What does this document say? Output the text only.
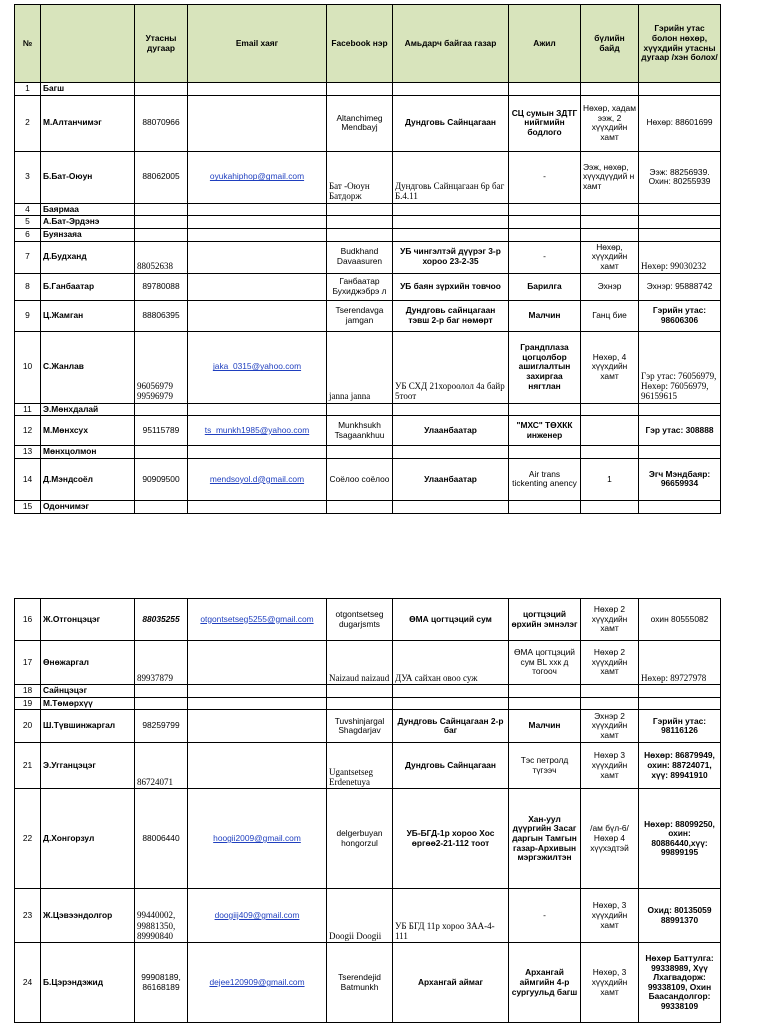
№		Утасны дугаар	Email хаяг	Facebook нэр	Амьдарч байгаа газар	Ажил	бүлийн байд	Гэрийн утас болон нөхөр, хүүхдийн утасны дугаар /хэн болох/
1	Багш							
2	М.Алтанчимэг	88070966		Altanchimeg Mendbayj	Дундговь Сайнцагаан	СЦ сумын ЗДТГ нийгмийн бодлого	Нөхөр, хадам ээж, 2 хүүхдийн хамт	Нөхөр: 88601699
3	Б.Бат-Оюун	88062005	oyukahiphop@gmail.com	Бат -Оюун Батдорж	Дундговь Сайнцагаан 6р баг Б.4.11	-	Ээж, нөхөр, хүүхдүүдий н хамт	Ээж: 88256939. Охин: 80255939
4	Баярмаа							
5	А.Бат-Эрдэнэ							
6	Буянзаяа							
7	Д.Будханд	88052638		Budkhand Davaasuren	УБ чингэлтэй дүүрэг 3-р хороо 23-2-35	-	Нөхөр, хүүхдийн хамт	Нөхөр: 99030232
8	Б.Ганбаатар	89780088		Ганбаатар Бухиджэбрэ л	УБ баян зүрхийн товчоо	Барилга	Эхнэр	Эхнэр: 95888742
9	Ц.Жамган	88806395		Tserendavga jamgan	Дундговь сайнцагаан тэвш 2-р баг нөмөрт	Малчин	Ганц бие	Гэрийн утас: 98606306
10	С.Жанлав	96056979 99596979	jaka_0315@yahoo.com	janna janna	УБ СХД 21хороолол 4а байр 5тоот	Грандплаза цогцолбор ашиглалтын захиргаа нягтлан	Нөхөр, 4 хүүхдийн хамт	Гэр утас: 76056979, Нөхөр: 76056979, 96159615
11	Э.Мөнхдалай							
12	М.Мөнхсух	95115789	ts_munkh1985@yahoo.com	Munkhsukh Tsagaankhuu	Улаанбаатар	"МХС" ТӨХКК инженер		Гэр утас: 308888
13	Мөнхцолмон							
14	Д.Мэндсоёл	90909500	mendsoyol.d@gmail.com	Соёлоо соёлоо	Улаанбаатар	Air trans tickenting anency	1	Эгч Мэндбаяр: 96659934
15	Одончимэг							
16	Ж.Отгонцэцэг	88035255	otgontsetseg5255@gmail.com	otgontsetseg dugarjsmts	ӨМА цогтцэций сум	цогтцэций өрхийн эмнэлэг	Нөхөр 2 хүүхдийн хамт	охин 80555082
17	Өнөжаргал	89937879		Naizaud naizaud	ДУА сайхан овоо суж	ӨМА цогтцэций сум BL ххк д тогооч	Нөхөр 2 хүүхдийн хамт	Нөхөр: 89727978
18	Сайнцэцэг							
19	М.Төмөрхүү							
20	Ш.Түвшинжаргал	98259799		Tuvshinjargal Shagdarjav	Дундговь Сайнцагаан 2-р баг	Малчин	Эхнэр 2 хүүхдийн хамт	Гэрийн утас: 98116126
21	Э.Угганцэцэг	86724071		Ugantsetseg Erdenetuya	Дундговь Сайнцагаан	Тэс петролд түгээч	Нөхөр 3 хүүхдийн хамт	Нөхөр: 86879949, охин: 88724071, хүү: 89941910
22	Д.Хонгорзул	88006440	hoogii2009@gmail.com	delgerbuyan hongorzul	УБ-БГД-1р хороо Хос өргөө2-21-112 тоот	Хан-уул дүүргийн Засаг даргын Тамгын газар-Архивын мэргэжилтэн	/ам бүл-6/ Нөхөр 4 хүүхэдтэй	Нөхөр: 88099250, охин: 80886440,хүү: 99899195
23	Ж.Цэвээндолгор	99440002, 99881350, 89990840	doogiij409@gmail.com	Doogii Doogii	УБ БГД 11р хороо ЗАА-4-111	-	Нөхөр, 3 хүүхдийн хамт	Охид: 80135059 88991370
24	Б.Цэрэндэжид	99908189, 86168189	dejee120909@gmail.com	Tserendejid Batmunkh	Архангай аймаг	Архангай аймгийн 4-р сургуульд багш	Нөхөр, 3 хүүхдийн хамт	Нөхөр Баттулга: 99338989, Хүү Лхагвадорж: 99338109, Охин Баасандолгор: 99338109
